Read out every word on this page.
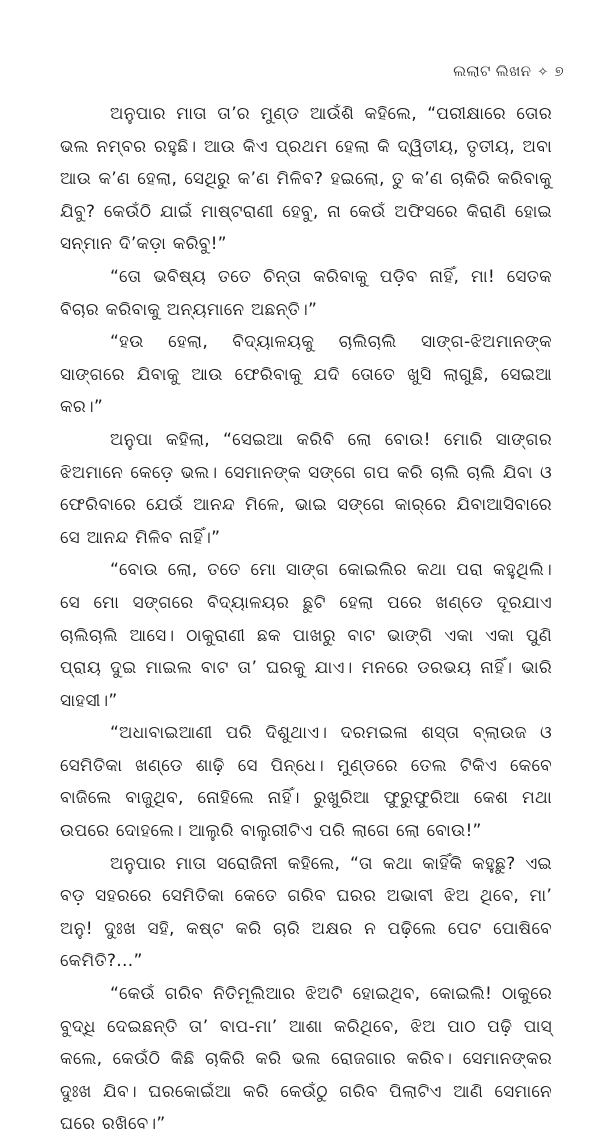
ଲଲାଟ ଲିଖନ ✧ ୭

ଅନୁପାର ମାତା ତା’ର ମୁଣ୍ଡ ଆଉଁଶି କହିଲେ, “ପରୀକ୍ଷାରେ ତୋର ଭଲ ନମ୍ବର ରହୁଛି। ଆଉ କିଏ ପ୍ରଥମ ହେଲା କି ଦ୍ୱିତୀୟ, ତୃତୀୟ, ଅବା ଆଉ କ’ଣ ହେଲା, ସେଥିରୁ କ’ଣ ମିଳିବ? ହଇଲୋ, ତୁ କ’ଣ ଚାକିରି କରିବାକୁ ଯିବୁ? କେଉଁଠି ଯାଇଁ ମାଷ୍ଟରାଣୀ ହେବୁ, ନା କେଉଁ ଅଫିସରେ କିରାଣି ହୋଇ ସନ୍‌ମାନ ଦି’କଡ଼ା କରିବୁ!”

“ତୋ ଭବିଷ୍ୟ ତତେ ଚିନ୍ତା କରିବାକୁ ପଡ଼ିବ ନାହିଁ, ମା! ସେତକ ବିଚାର କରିବାକୁ ଅନ୍ୟମାନେ ଅଛନ୍ତି।”

“ହଉ ହେଲା, ବିଦ୍ୟାଳୟକୁ ଚାଲିଚାଲି ସାଙ୍ଗ-ଝିଅମାନଙ୍କ ସାଙ୍ଗରେ ଯିବାକୁ ଆଉ ଫେରିବାକୁ ଯଦି ତୋତେ ଖୁସି ଲାଗୁଛି, ସେଇଆ କର।”

ଅନୁପା କହିଲା, “ସେଇଆ କରିବି ଲୋ ବୋଉ! ମୋରି ସାଙ୍ଗର ଝିଅମାନେ କେଡ଼େ ଭଲ। ସେମାନଙ୍କ ସଙ୍ଗେ ଗପ କରି ଚାଲି ଚାଲି ଯିବା ଓ ଫେରିବାରେ ଯେଉଁ ଆନନ୍ଦ ମିଳେ, ଭାଇ ସଙ୍ଗେ କାର୍‌ରେ ଯିବାଆସିବାରେ ସେ ଆନନ୍ଦ ମିଳିବ ନାହିଁ।”

“ବୋଉ ଲୋ, ତତେ ମୋ ସାଙ୍ଗ କୋଇଲିର କଥା ପରା କହୁଥିଲି। ସେ ମୋ ସଙ୍ଗରେ ବିଦ୍ୟାଳୟର ଛୁଟି ହେଲା ପରେ ଖଣ୍ଡେ ଦୂରଯାଏ ଚାଲିଚାଲି ଆସେ। ଠାକୁରାଣୀ ଛକ ପାଖରୁ ବାଟ ଭାଙ୍ଗି ଏକା ଏକା ପୁଣି ପ୍ରାୟ ଦୁଇ ମାଇଲ ବାଟ ତା’ ଘରକୁ ଯାଏ। ମନରେ ଡରଭୟ ନାହିଁ। ଭାରି ସାହସୀ।”

“ଅଧାବାଇଆଣୀ ପରି ଦିଶୁଥାଏ। ଦରମଇଳା ଶସ୍ତା ବ୍ଲାଉଜ ଓ ସେମିତିକା ଖଣ୍ଡେ ଶାଢ଼ି ସେ ପିନ୍ଧେ। ମୁଣ୍ଡରେ ତେଲ ଟିକିଏ କେବେ ବାଜିଲେ ବାଜୁଥିବ, ନୋହିଲେ ନାହିଁ। ରୁଖୁରିଆ ଫୁରୁଫୁରିଆ କେଶ ମଥା ଉପରେ ଦୋହଲେ। ଆଲୁରି ବାଲୁରୀଟିଏ ପରି ଲାଗେ ଲୋ ବୋଉ!”

ଅନୁପାର ମାତା ସରୋଜିନୀ କହିଲେ, “ତା କଥା କାହିଁକି କହୁଛୁ? ଏଇ ବଡ଼ ସହରରେ ସେମିତିକା କେତେ ଗରିବ ଘରର ଅଭାବୀ ଝିଅ ଥିବେ, ମା’ ଅନୁ! ଦୁଃଖ ସହି, କଷ୍ଟ କରି ଚାରି ଅକ୍ଷର ନ ପଢ଼ିଲେ ପେଟ ପୋଷିବେ କେମିତି?…”

“କେଉଁ ଗରିବ ନିତିମୂଲିଆର ଝିଅଟି ହୋଇଥିବ, କୋଇଲି! ଠାକୁରେ ବୁଦ୍ଧି ଦେଇଛନ୍ତି ତା’ ବାପ-ମା’ ଆଶା କରିଥିବେ, ଝିଅ ପାଠ ପଢ଼ି ପାସ୍ କଲେ, କେଉଁଠି କିଛି ଚାକିରି କରି ଭଲ ରୋଜଗାର କରିବ। ସେମାନଙ୍କର ଦୁଃଖ ଯିବ। ଘରକୋଇଁଆ କରି କେଉଁଠୁ ଗରିବ ପିଲାଟିଏ ଆଣି ସେମାନେ ଘରେ ରଖିବେ।”
